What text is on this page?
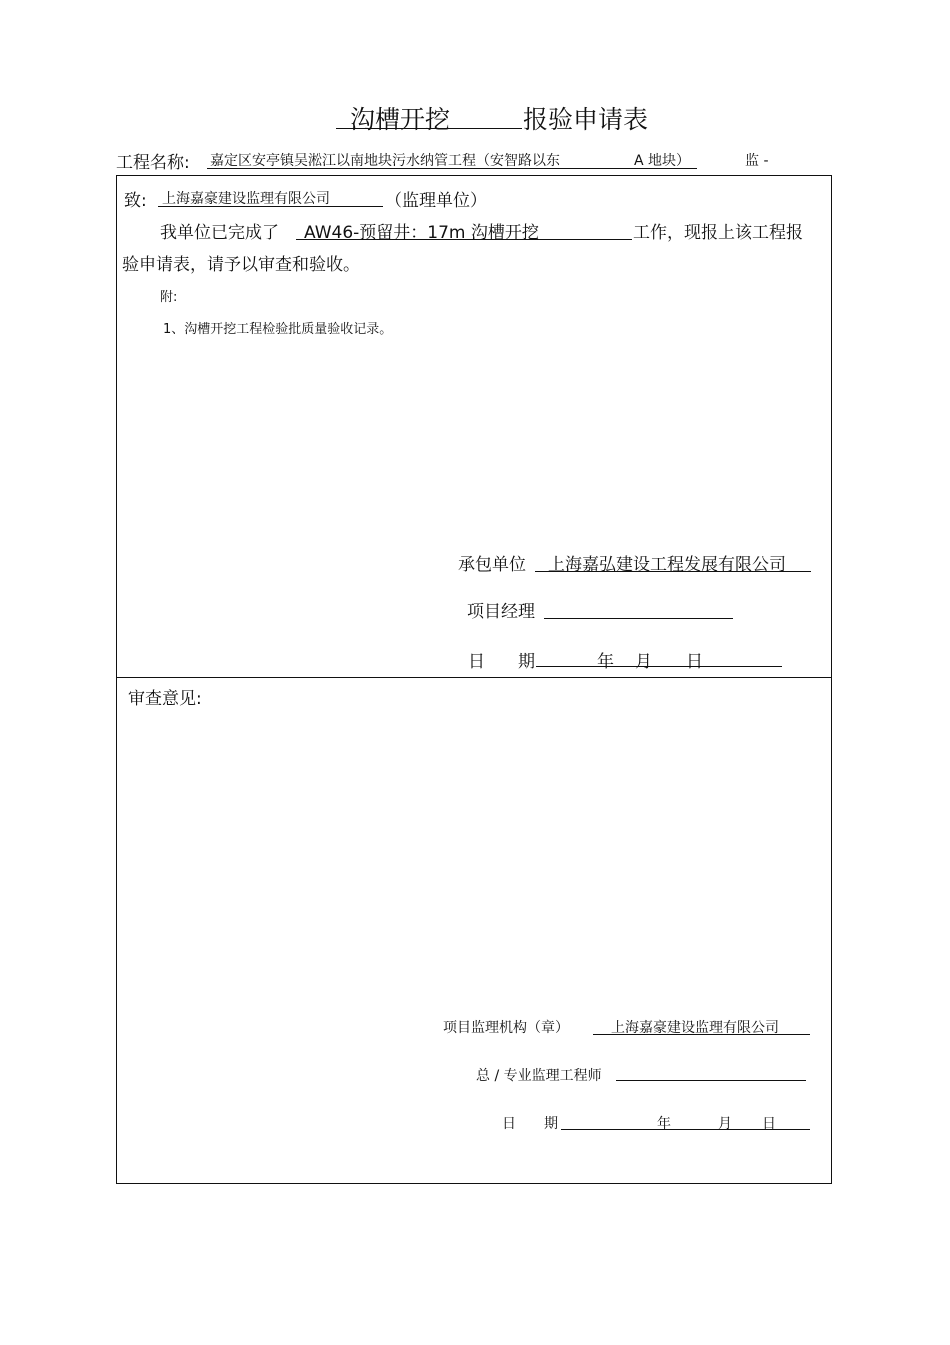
沟槽开挖	报验申请表
工程名称: 嘉定区安亭镇吴淞江以南地块污水纳管工程（安智路以东	A 地块）	监 -
致: 上海嘉豪建设监理有限公司	（监理单位）
我单位已完成了 AW46-预留井：17m 沟槽开挖	工作，现报上该工程报
验申请表，请予以审查和验收。
附:
1、沟槽开挖工程检验批质量验收记录。
承包单位 上海嘉弘建设工程发展有限公司
项目经理
日 期	年 月 日
审查意见:
项目监理机构（章）	上海嘉豪建设监理有限公司
总 / 专业监理工程师
日 期	年	月 日
